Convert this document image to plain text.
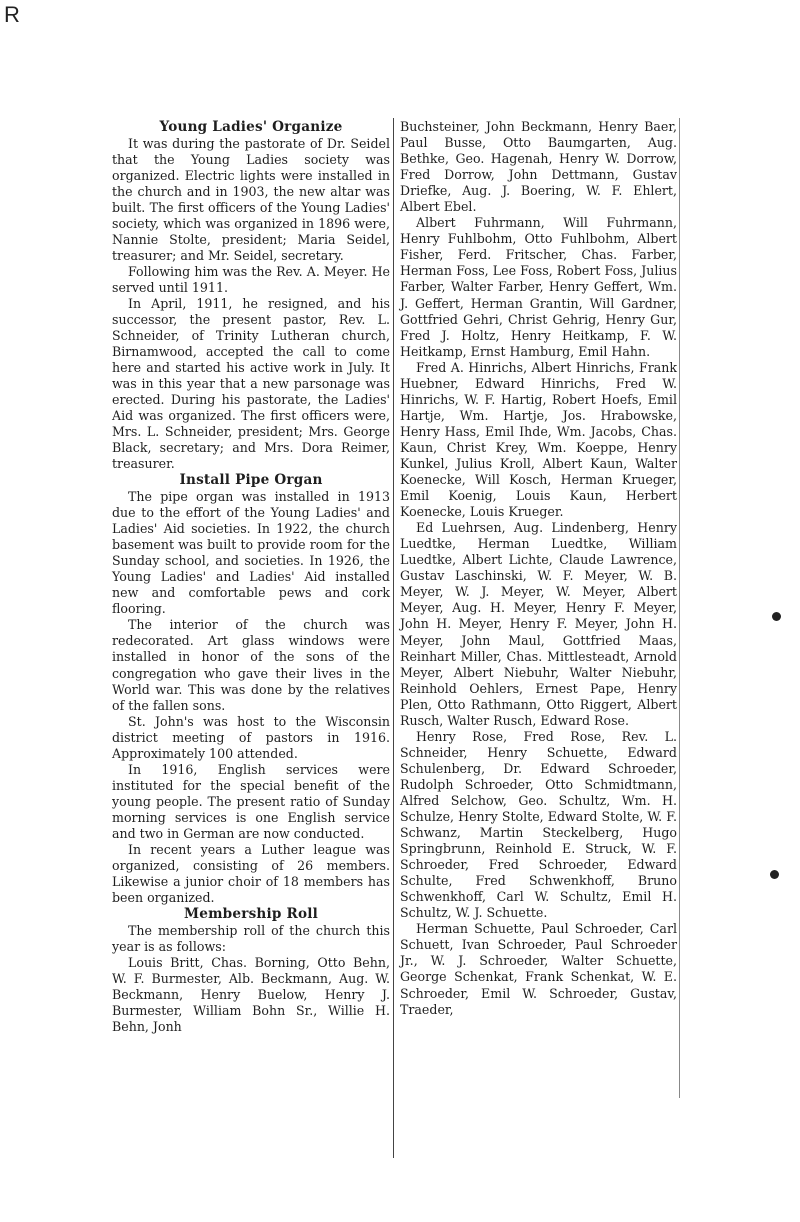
R
Young Ladies' Organize

It was during the pastorate of Dr. Seidel that the Young Ladies society was organized. Electric lights were installed in the church and in 1903, the new altar was built. The first officers of the Young Ladies' society, which was organized in 1896 were, Nannie Stolte, president; Maria Seidel, treasurer; and Mr. Seidel, secretary.

Following him was the Rev. A. Meyer. He served until 1911.

In April, 1911, he resigned, and his successor, the present pastor, Rev. L. Schneider, of Trinity Lutheran church, Birnamwood, accepted the call to come here and started his active work in July. It was in this year that a new parsonage was erected. During his pastorate, the Ladies' Aid was organized. The first officers were, Mrs. L. Schneider, president; Mrs. George Black, secretary; and Mrs. Dora Reimer, treasurer.

Install Pipe Organ

The pipe organ was installed in 1913 due to the effort of the Young Ladies' and Ladies' Aid societies. In 1922, the church basement was built to provide room for the Sunday school, and societies. In 1926, the Young Ladies' and Ladies' Aid installed new and comfortable pews and cork flooring.

The interior of the church was redecorated. Art glass windows were installed in honor of the sons of the congregation who gave their lives in the World war. This was done by the relatives of the fallen sons.

St. John's was host to the Wisconsin district meeting of pastors in 1916. Approximately 100 attended.

In 1916, English services were instituted for the special benefit of the young people. The present ratio of Sunday morning services is one English service and two in German are now conducted.

In recent years a Luther league was organized, consisting of 26 members. Likewise a junior choir of 18 members has been organized.

Membership Roll

The membership roll of the church this year is as follows:

Louis Britt, Chas. Borning, Otto Behn, W. F. Burmester, Alb. Beckmann, Aug. W. Beckmann, Henry Buelow, Henry J. Burmester, William Bohn Sr., Willie H. Behn, Jonh

Buchsteiner, John Beckmann, Henry Baer, Paul Busse, Otto Baumgarten, Aug. Bethke, Geo. Hagenah, Henry W. Dorrow, Fred Dorrow, John Dettmann, Gustav Driefke, Aug. J. Boering, W. F. Ehlert, Albert Ebel.

Albert Fuhrmann, Will Fuhrmann, Henry Fuhlbohm, Otto Fuhlbohm, Albert Fisher, Ferd. Fritscher, Chas. Farber, Herman Foss, Lee Foss, Robert Foss, Julius Farber, Walter Farber, Henry Geffert, Wm. J. Geffert, Herman Grantin, Will Gardner, Gottfried Gehri, Christ Gehrig, Henry Gur, Fred J. Holtz, Henry Heitkamp, F. W. Heitkamp, Ernst Hamburg, Emil Hahn.

Fred A. Hinrichs, Albert Hinrichs, Frank Huebner, Edward Hinrichs, Fred W. Hinrichs, W. F. Hartig, Robert Hoefs, Emil Hartje, Wm. Hartje, Jos. Hrabowske, Henry Hass, Emil Ihde, Wm. Jacobs, Chas. Kaun, Christ Krey, Wm. Koeppe, Henry Kunkel, Julius Kroll, Albert Kaun, Walter Koenecke, Will Kosch, Herman Krueger, Emil Koenig, Louis Kaun, Herbert Koenecke, Louis Krueger.

Ed Luehrsen, Aug. Lindenberg, Henry Luedtke, Herman Luedtke, William Luedtke, Albert Lichte, Claude Lawrence, Gustav Laschinski, W. F. Meyer, W. B. Meyer, W. J. Meyer, W. Meyer, Albert Meyer, Aug. H. Meyer, Henry F. Meyer, John H. Meyer, Henry F. Meyer, John H. Meyer, John Maul, Gottfried Maas, Reinhart Miller, Chas. Mittlesteadt, Arnold Meyer, Albert Niebuhr, Walter Niebuhr, Reinhold Oehlers, Ernest Pape, Henry Plen, Otto Rathmann, Otto Riggert, Albert Rusch, Walter Rusch, Edward Rose.

Henry Rose, Fred Rose, Rev. L. Schneider, Henry Schuette, Edward Schulenberg, Dr. Edward Schroeder, Rudolph Schroeder, Otto Schmidtmann, Alfred Selchow, Geo. Schultz, Wm. H. Schulze, Henry Stolte, Edward Stolte, W. F. Schwanz, Martin Steckelberg, Hugo Springbrunn, Reinhold E. Struck, W. F. Schroeder, Fred Schroeder, Edward Schulte, Fred Schwenkhoff, Bruno Schwenkhoff, Carl W. Schultz, Emil H. Schultz, W. J. Schuette.

Herman Schuette, Paul Schroeder, Carl Schuett, Ivan Schroeder, Paul Schroeder Jr., W. J. Schroeder, Walter Schuette, George Schenkat, Frank Schenkat, W. E. Schroeder, Emil W. Schroeder, Gustav, Traeder,
